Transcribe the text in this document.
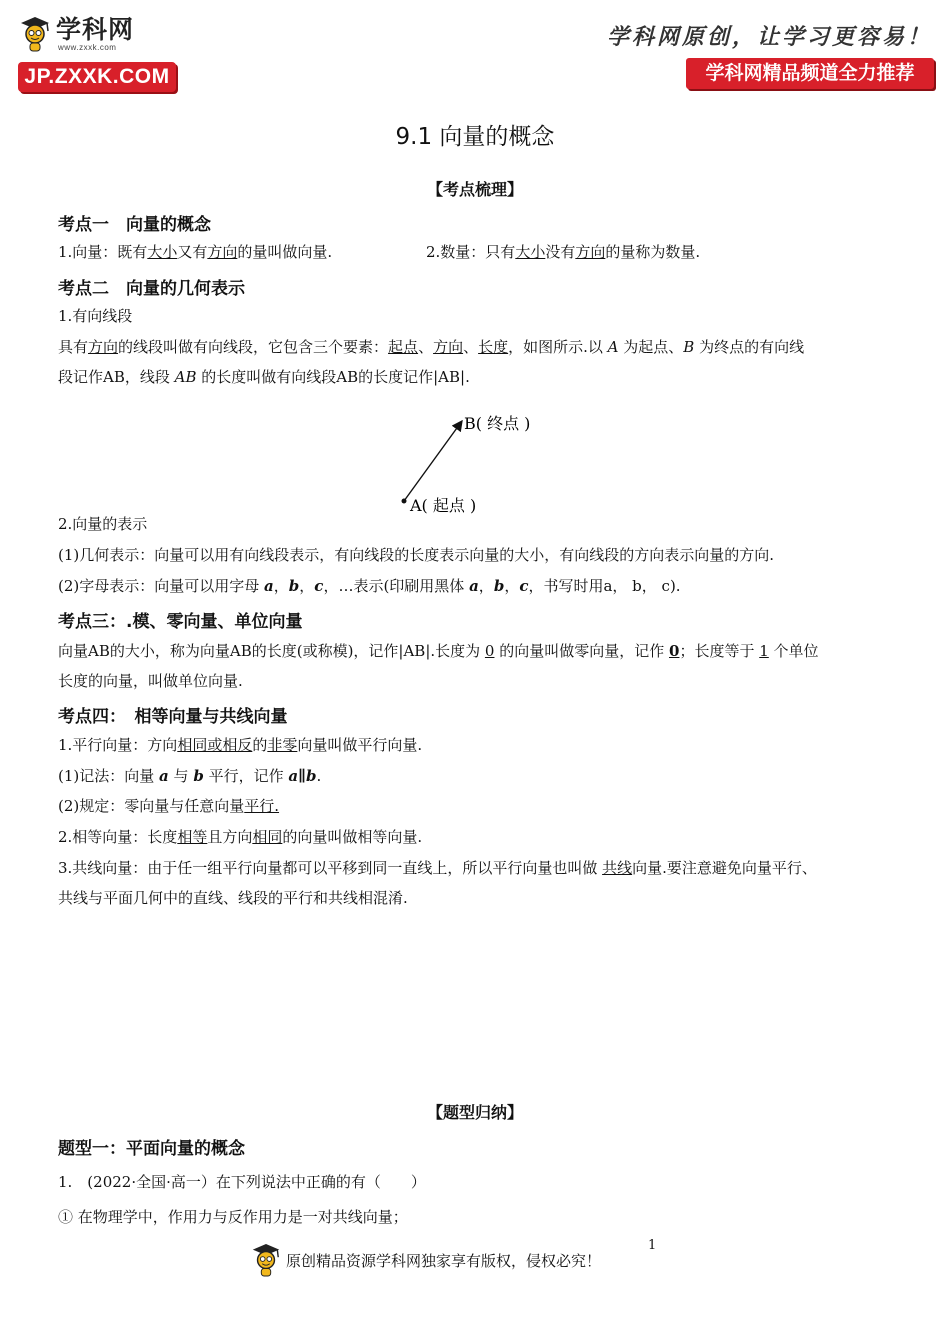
学科网
www.zxxk.com
JP.ZXXK.COM
学科网原创，让学习更容易！
学科网精品频道全力推荐
9.1 向量的概念
【考点梳理】
考点一　向量的概念
1.向量：既有大小又有方向的量叫做向量.	2.数量：只有大小没有方向的量称为数量.
考点二　向量的几何表示
1.有向线段
具有方向的线段叫做有向线段，它包含三个要素：起点、方向、长度，如图所示.以 A 为起点、B 为终点的有向线
段记作AB，线段 AB 的长度叫做有向线段AB的长度记作|AB|.
B( 终点 )
A( 起点 )
2.向量的表示
(1)几何表示：向量可以用有向线段表示，有向线段的长度表示向量的大小，有向线段的方向表示向量的方向.
(2)字母表示：向量可以用字母 a，b，c，…表示(印刷用黑体 a，b，c，书写时用a， b， c).
考点三：.模、零向量、单位向量
向量AB的大小，称为向量AB的长度(或称模)，记作|AB|.长度为 0 的向量叫做零向量，记作 0；长度等于 1 个单位
长度的向量，叫做单位向量.
考点四：　相等向量与共线向量
1.平行向量：方向相同或相反的非零向量叫做平行向量.
(1)记法：向量 a 与 b 平行，记作 a∥b.
(2)规定：零向量与任意向量平行.
2.相等向量：长度相等且方向相同的向量叫做相等向量.
3.共线向量：由于任一组平行向量都可以平移到同一直线上，所以平行向量也叫做 共线向量.要注意避免向量平行、
共线与平面几何中的直线、线段的平行和共线相混淆.
【题型归纳】
题型一：平面向量的概念
1.　(2022·全国·高一）在下列说法中正确的有（　　）
① 在物理学中，作用力与反作用力是一对共线向量；
原创精品资源学科网独家享有版权，侵权必究！
1
